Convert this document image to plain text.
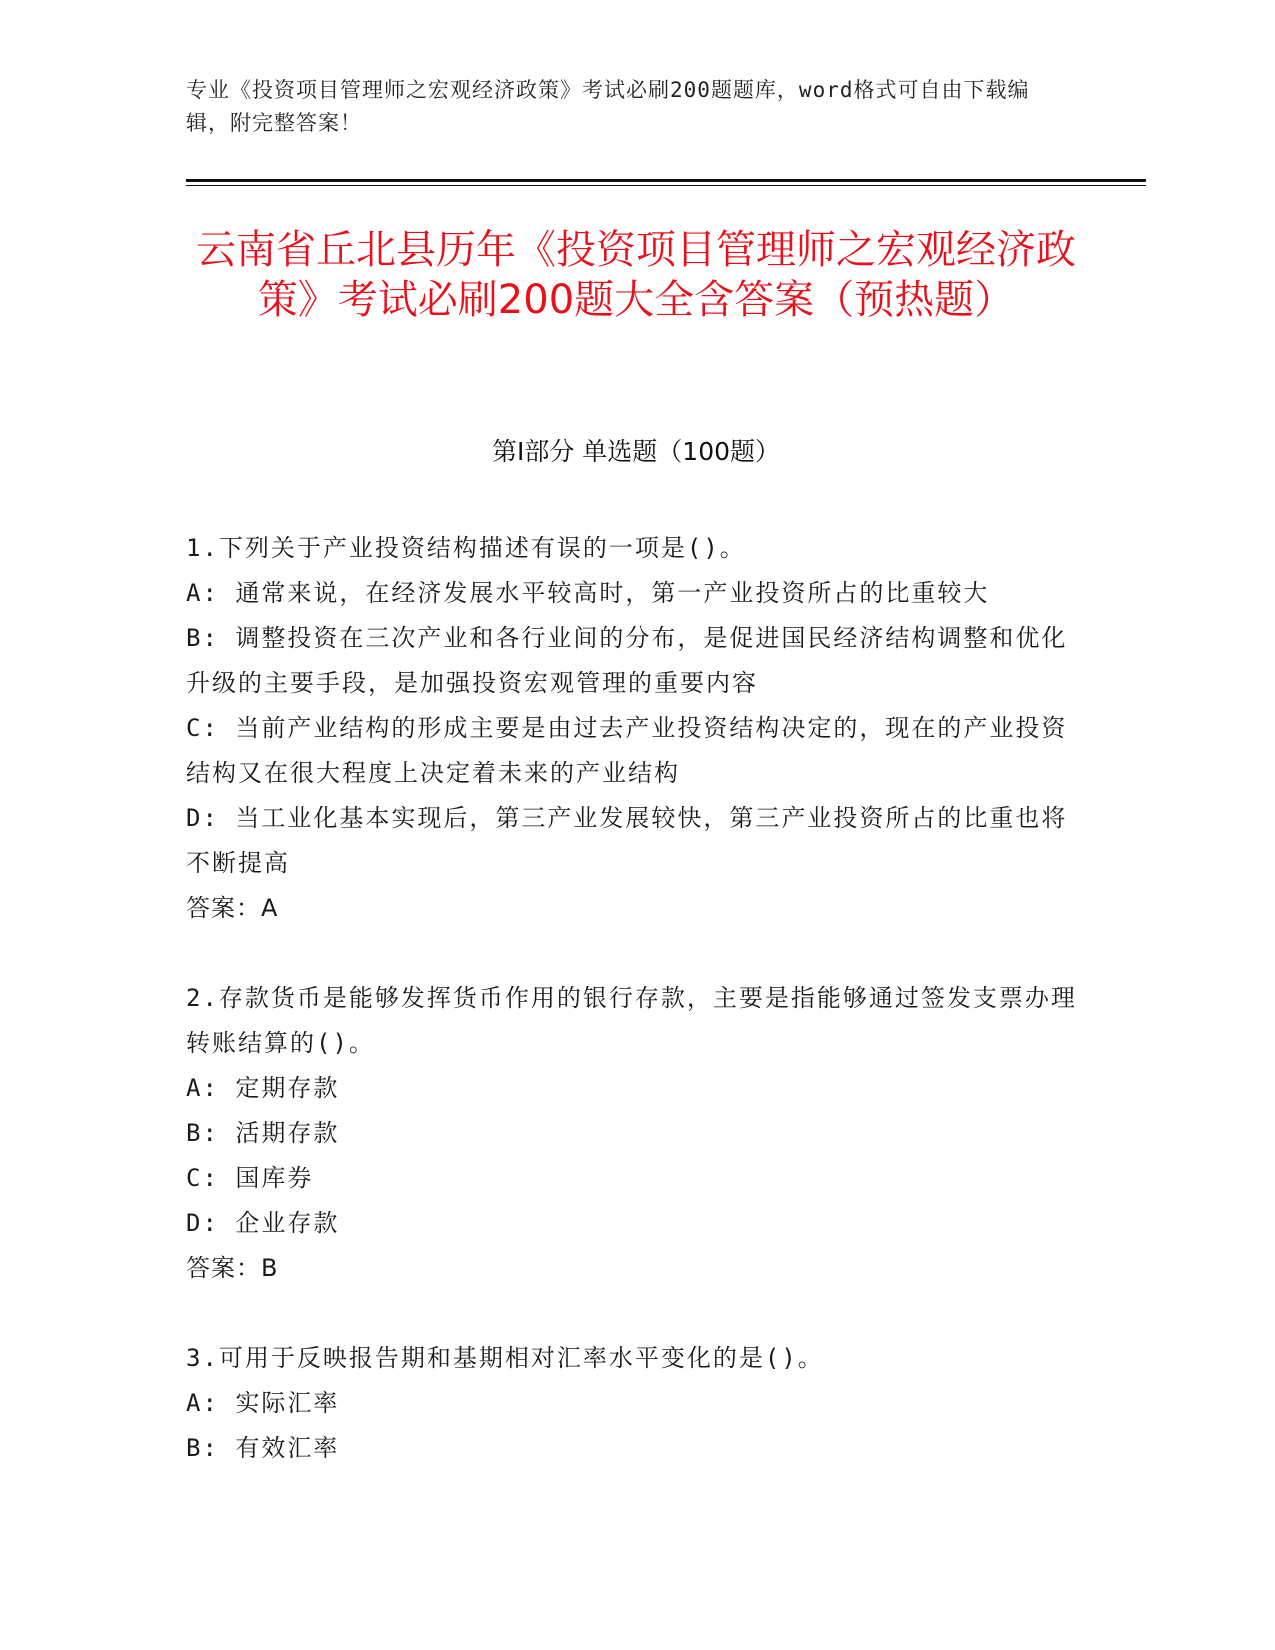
专业《投资项目管理师之宏观经济政策》考试必刷200题题库，word格式可自由下载编辑，附完整答案！
云南省丘北县历年《投资项目管理师之宏观经济政策》考试必刷200题大全含答案（预热题）
第Ⅰ部分 单选题（100题）

1.下列关于产业投资结构描述有误的一项是()。

A: 通常来说，在经济发展水平较高时，第一产业投资所占的比重较大

B: 调整投资在三次产业和各行业间的分布，是促进国民经济结构调整和优化升级的主要手段，是加强投资宏观管理的重要内容

C: 当前产业结构的形成主要是由过去产业投资结构决定的，现在的产业投资结构又在很大程度上决定着未来的产业结构

D: 当工业化基本实现后，第三产业发展较快，第三产业投资所占的比重也将不断提高

答案：A

2.存款货币是能够发挥货币作用的银行存款，主要是指能够通过签发支票办理转账结算的()。

A: 定期存款

B: 活期存款

C: 国库券

D: 企业存款

答案：B

3.可用于反映报告期和基期相对汇率水平变化的是()。

A: 实际汇率

B: 有效汇率
